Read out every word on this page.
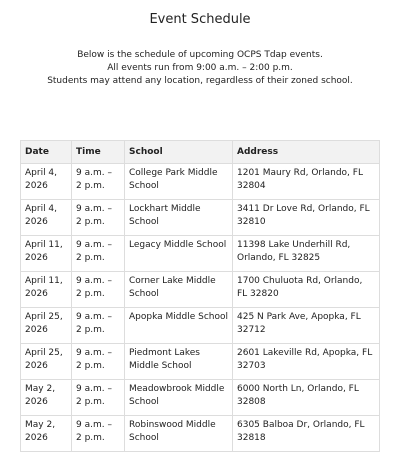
Event Schedule
Below is the schedule of upcoming OCPS Tdap events.
All events run from 9:00 a.m. – 2:00 p.m.
Students may attend any location, regardless of their zoned school.
Date	Time	School	Address
April 4, 2026	9 a.m. – 2 p.m.	College Park Middle School	1201 Maury Rd, Orlando, FL 32804
April 4, 2026	9 a.m. – 2 p.m.	Lockhart Middle School	3411 Dr Love Rd, Orlando, FL 32810
April 11, 2026	9 a.m. – 2 p.m.	Legacy Middle School	11398 Lake Underhill Rd, Orlando, FL 32825
April 11, 2026	9 a.m. – 2 p.m.	Corner Lake Middle School	1700 Chuluota Rd, Orlando, FL 32820
April 25, 2026	9 a.m. – 2 p.m.	Apopka Middle School	425 N Park Ave, Apopka, FL 32712
April 25, 2026	9 a.m. – 2 p.m.	Piedmont Lakes Middle School	2601 Lakeville Rd, Apopka, FL 32703
May 2, 2026	9 a.m. – 2 p.m.	Meadowbrook Middle School	6000 North Ln, Orlando, FL 32808
May 2, 2026	9 a.m. – 2 p.m.	Robinswood Middle School	6305 Balboa Dr, Orlando, FL 32818
